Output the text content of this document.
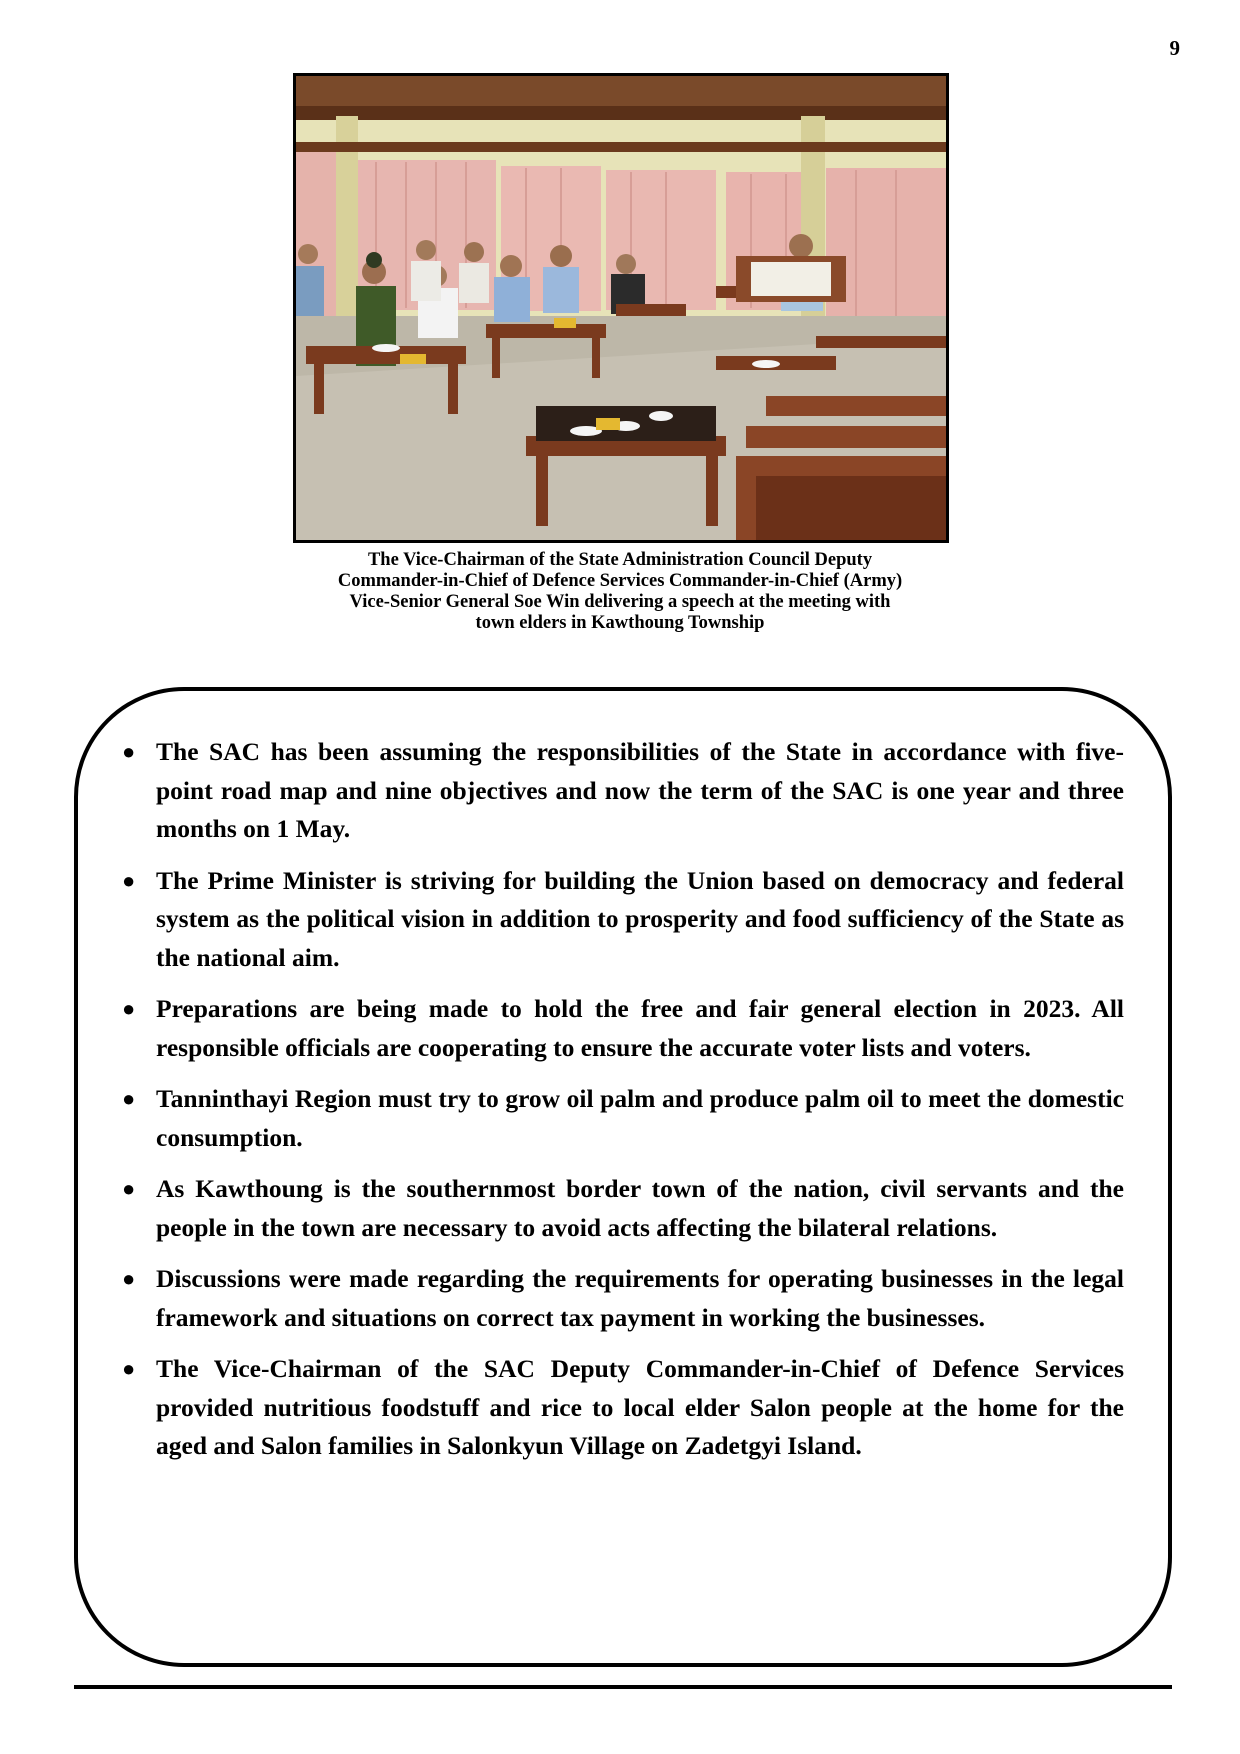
9
The Vice-Chairman of the State Administration Council Deputy
Commander-in-Chief of Defence Services Commander-in-Chief (Army)
Vice-Senior General Soe Win delivering a speech at the meeting with
town elders in Kawthoung Township
● The SAC has been assuming the responsibilities of the State in accordance with five-point road map and nine objectives and now the term of the SAC is one year and three months on 1 May.
● The Prime Minister is striving for building the Union based on democracy and federal system as the political vision in addition to prosperity and food sufficiency of the State as the national aim.
● Preparations are being made to hold the free and fair general election in 2023. All responsible officials are cooperating to ensure the accurate voter lists and voters.
● Tanninthayi Region must try to grow oil palm and produce palm oil to meet the domestic consumption.
● As Kawthoung is the southernmost border town of the nation, civil servants and the people in the town are necessary to avoid acts affecting the bilateral relations.
● Discussions were made regarding the requirements for operating businesses in the legal framework and situations on correct tax payment in working the businesses.
● The Vice-Chairman of the SAC Deputy Commander-in-Chief of Defence Services provided nutritious foodstuff and rice to local elder Salon people at the home for the aged and Salon families in Salonkyun Village on Zadetgyi Island.
